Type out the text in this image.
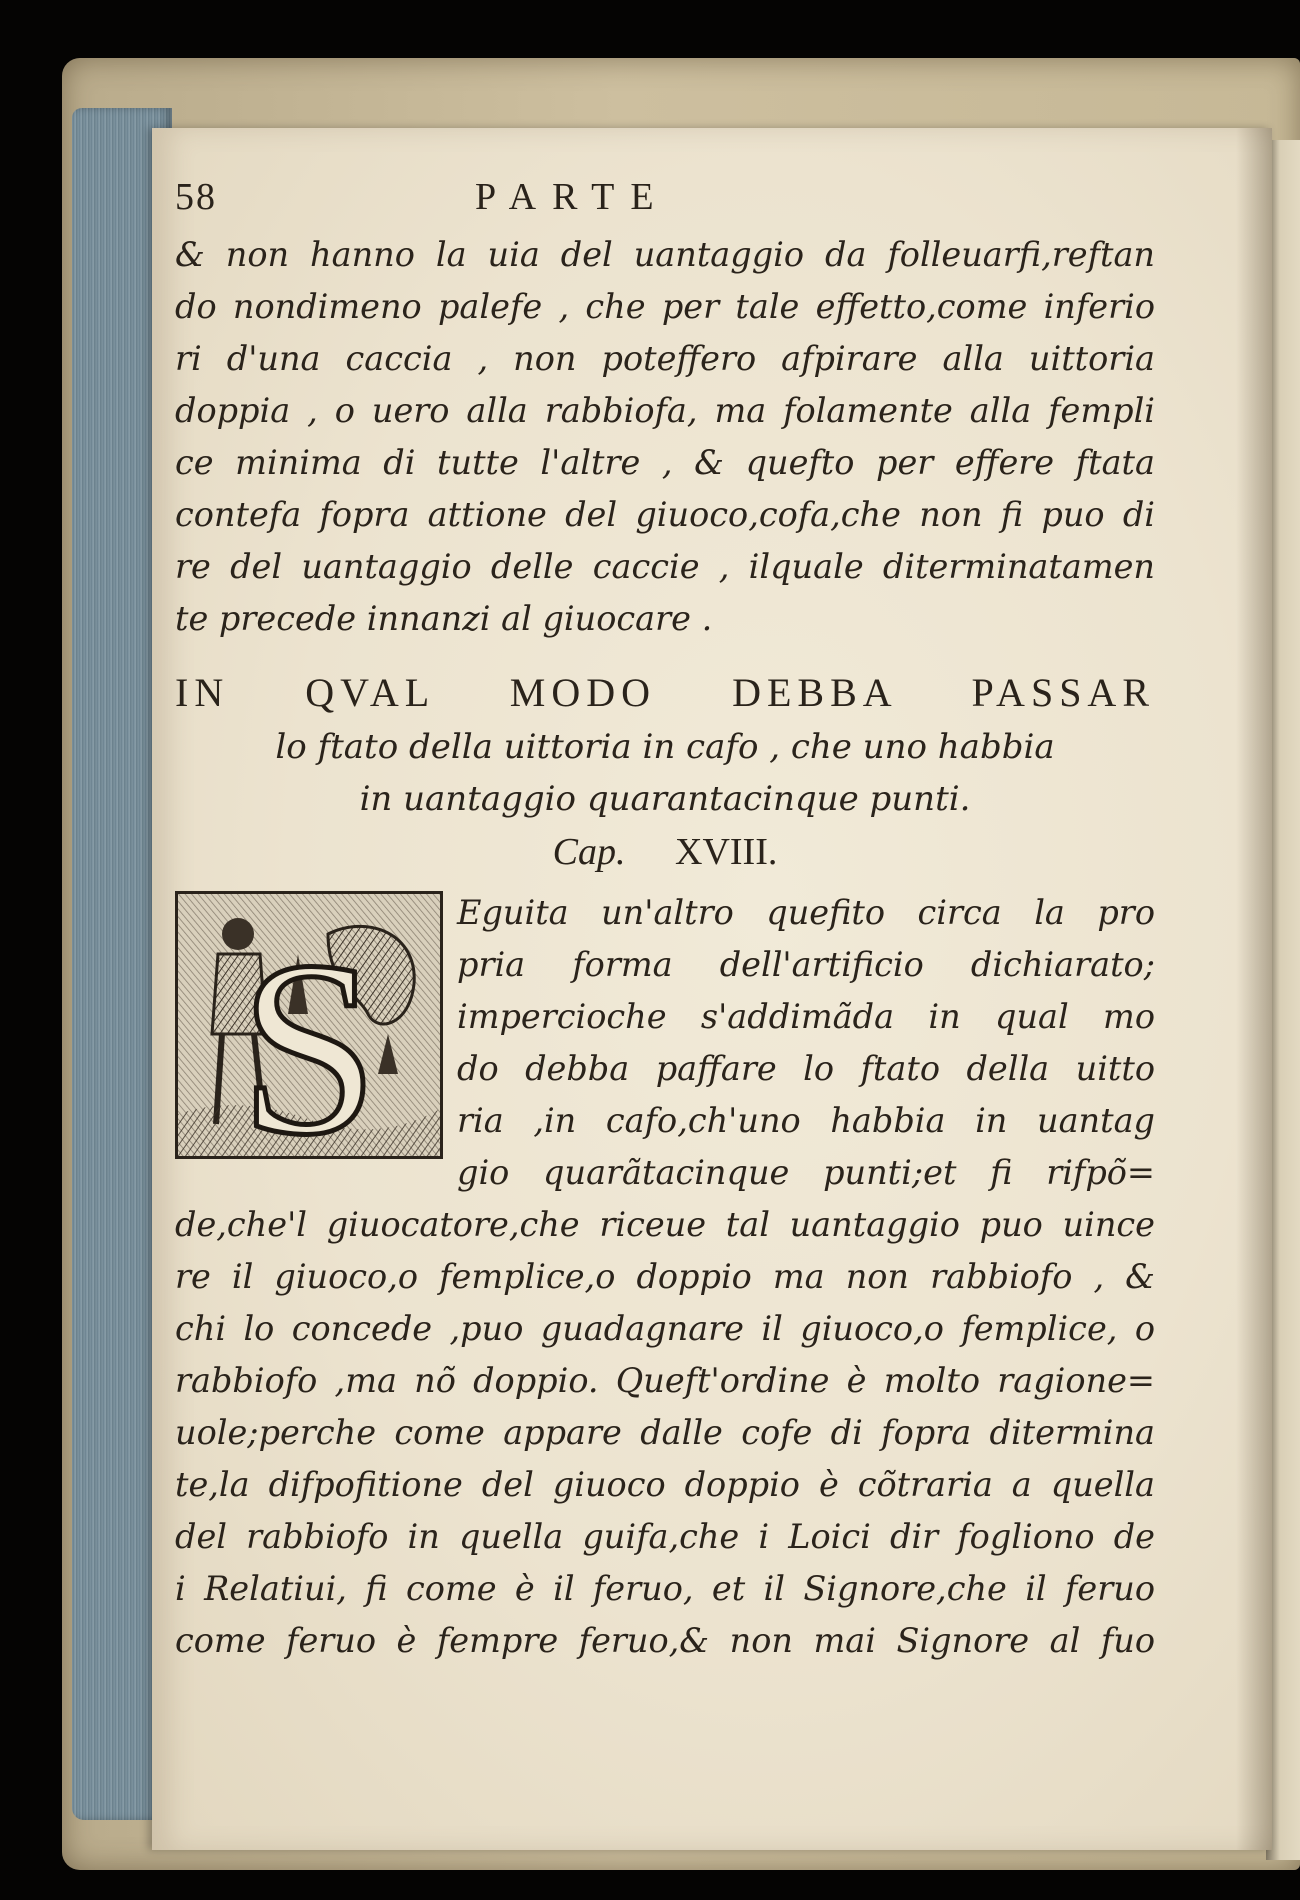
58	PARTE
& non hanno la uia del uantaggio da folleuarfi,reftan
do nondimeno palefe , che per tale effetto,come inferio
ri d'una caccia , non poteffero afpirare alla uittoria
doppia , o uero alla rabbiofa, ma folamente alla fempli
ce minima di tutte l'altre , & quefto per effere ftata
contefa fopra attione del giuoco,cofa,che non fi puo di
re del uantaggio delle caccie , ilquale diterminatamen
te precede innanzi al giuocare .
IN QVAL MODO DEBBA PASSAR
lo ftato della uittoria in cafo , che uno habbia
in uantaggio quarantacinque punti.
Cap. XVIII.
S Eguita un'altro quefito circa la pro
pria forma dell'artificio dichiarato;
impercioche s'addimãda in qual mo
do debba paffare lo ftato della uitto
ria ,in cafo,ch'uno habbia in uantag
gio quarãtacinque punti;et fi rifpõ=
de,che'l giuocatore,che riceue tal uantaggio puo uince
re il giuoco,o femplice,o doppio ma non rabbiofo , &
chi lo concede ,puo guadagnare il giuoco,o femplice, o
rabbiofo ,ma nõ doppio. Queft'ordine è molto ragione=
uole;perche come appare dalle cofe di fopra ditermina
te,la difpofitione del giuoco doppio è cõtraria a quella
del rabbiofo in quella guifa,che i Loici dir fogliono de
i Relatiui, fi come è il feruo, et il Signore,che il feruo
come feruo è fempre feruo,& non mai Signore al fuo
